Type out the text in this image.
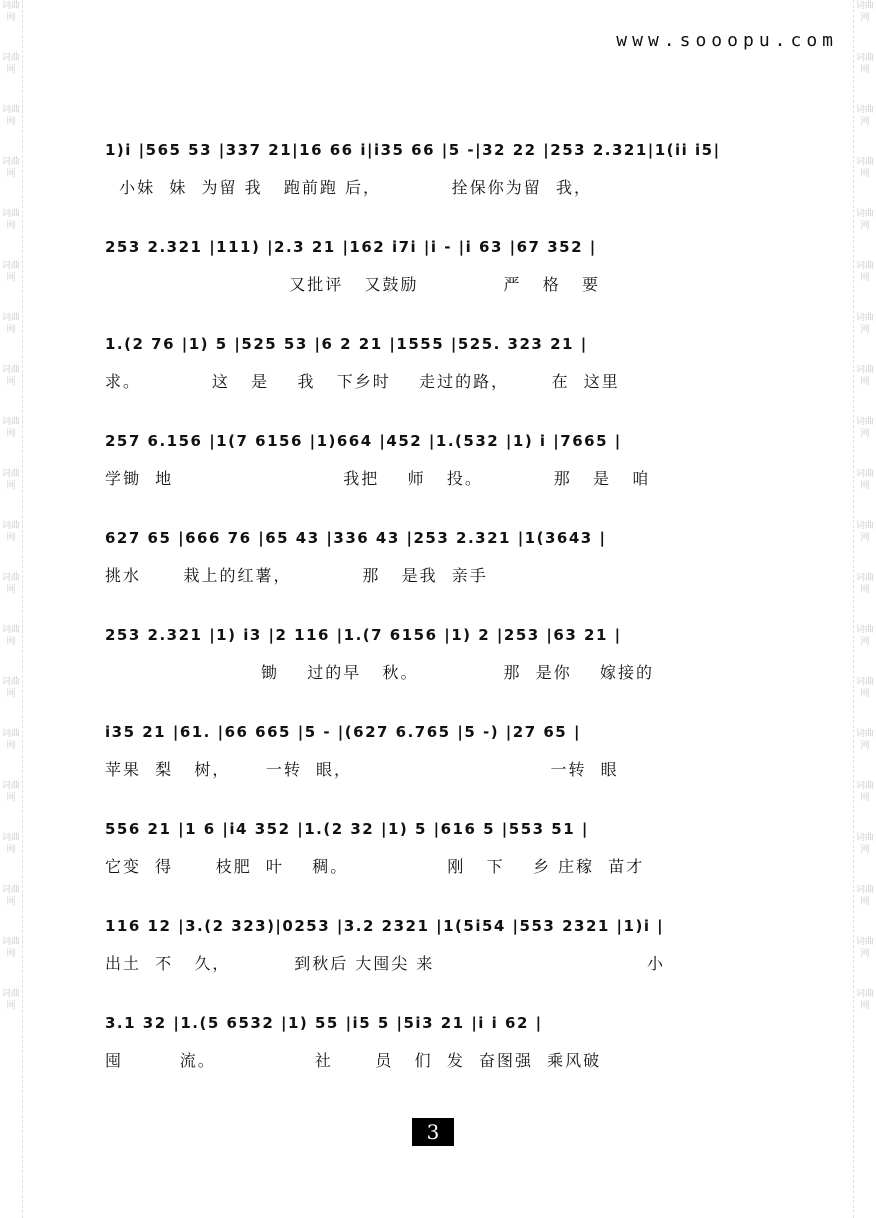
词曲网
词曲网
词曲网
词曲网
词曲网
词曲网
词曲网
词曲网
词曲网
词曲网
词曲网
词曲网
词曲网
词曲网
词曲网
词曲网
词曲网
词曲网
词曲网
词曲网
词曲网
词曲网
词曲网
词曲网
词曲网
词曲网
词曲网
词曲网
词曲网
词曲网
词曲网
词曲网
词曲网
词曲网
词曲网
词曲网
词曲网
词曲网
词曲网
词曲网
www.sooopu.com
1)i |565 53 |337 21|16 66 i|i35 66 |5 -|32 22 |253 2.321|1(ii i5|
小妹  妹  为留 我   跑前跑 后，          拴保你为留  我，
253 2.321 |111) |2.3 21 |162 i7i |i - |i 63 |67 352 |
又批评   又鼓励            严   格   要
1.(2 76 |1) 5 |525 53 |6 2 21 |1555 |525. 323 21 |
求。          这   是    我   下乡时    走过的路，      在  这里
257 6.156 |1(7 6156 |1)664 |452 |1.(532 |1) i |7665 |
学锄  地                        我把    师   投。          那   是   咱
627 65 |666 76 |65 43 |336 43 |253 2.321 |1(3643 |
挑水      栽上的红薯，          那   是我  亲手
253 2.321 |1) i3 |2 116 |1.(7 6156 |1) 2 |253 |63 21 |
锄    过的早   秋。            那  是你    嫁接的
i35 21 |61. |66 665 |5 - |(627 6.765 |5 -) |27 65 |
苹果  梨   树，     一转  眼，                            一转  眼
556 21 |1 6 |i4 352 |1.(2 32 |1) 5 |616 5 |553 51 |
它变  得      枝肥  叶    稠。              刚   下    乡 庄稼  苗才
116 12 |3.(2 323)|0253 |3.2 2321 |1(5i54 |553 2321 |1)i |
出土  不   久，         到秋后 大囤尖 来                              小
3.1 32 |1.(5 6532 |1) 55 |i5 5 |5i3 21 |i i 62 |
囤        流。              社      员   们  发  奋图强  乘风破
3
